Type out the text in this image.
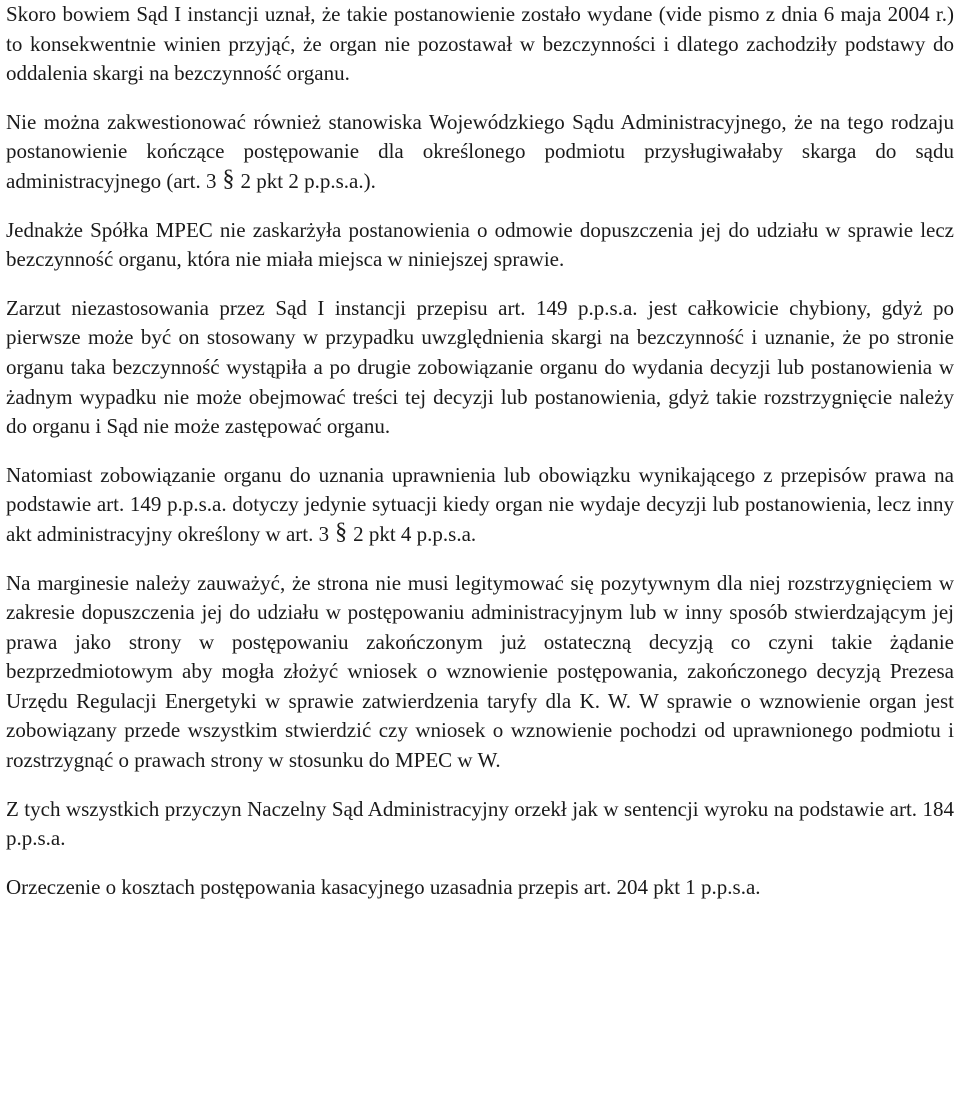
Skoro bowiem Sąd I instancji uznał, że takie postanowienie zostało wydane (vide pismo z dnia 6 maja 2004 r.) to konsekwentnie winien przyjąć, że organ nie pozostawał w bezczynności i dlatego zachodziły podstawy do oddalenia skargi na bezczynność organu.

Nie można zakwestionować również stanowiska Wojewódzkiego Sądu Administracyjnego, że na tego rodzaju postanowienie kończące postępowanie dla określonego podmiotu przysługiwałaby skarga do sądu administracyjnego (art. 3 § 2 pkt 2 p.p.s.a.).

Jednakże Spółka MPEC nie zaskarżyła postanowienia o odmowie dopuszczenia jej do udziału w sprawie lecz bezczynność organu, która nie miała miejsca w niniejszej sprawie.

Zarzut niezastosowania przez Sąd I instancji przepisu art. 149 p.p.s.a. jest całkowicie chybiony, gdyż po pierwsze może być on stosowany w przypadku uwzględnienia skargi na bezczynność i uznanie, że po stronie organu taka bezczynność wystąpiła a po drugie zobowiązanie organu do wydania decyzji lub postanowienia w żadnym wypadku nie może obejmować treści tej decyzji lub postanowienia, gdyż takie rozstrzygnięcie należy do organu i Sąd nie może zastępować organu.

Natomiast zobowiązanie organu do uznania uprawnienia lub obowiązku wynikającego z przepisów prawa na podstawie art. 149 p.p.s.a. dotyczy jedynie sytuacji kiedy organ nie wydaje decyzji lub postanowienia, lecz inny akt administracyjny określony w art. 3 § 2 pkt 4 p.p.s.a.

Na marginesie należy zauważyć, że strona nie musi legitymować się pozytywnym dla niej rozstrzygnięciem w zakresie dopuszczenia jej do udziału w postępowaniu administracyjnym lub w inny sposób stwierdzającym jej prawa jako strony w postępowaniu zakończonym już ostateczną decyzją co czyni takie żądanie bezprzedmiotowym aby mogła złożyć wniosek o wznowienie postępowania, zakończonego decyzją Prezesa Urzędu Regulacji Energetyki w sprawie zatwierdzenia taryfy dla K. W. W sprawie o wznowienie organ jest zobowiązany przede wszystkim stwierdzić czy wniosek o wznowienie pochodzi od uprawnionego podmiotu i rozstrzygnąć o prawach strony w stosunku do MPEC w W.

Z tych wszystkich przyczyn Naczelny Sąd Administracyjny orzekł jak w sentencji wyroku na podstawie art. 184 p.p.s.a.

Orzeczenie o kosztach postępowania kasacyjnego uzasadnia przepis art. 204 pkt 1 p.p.s.a.
